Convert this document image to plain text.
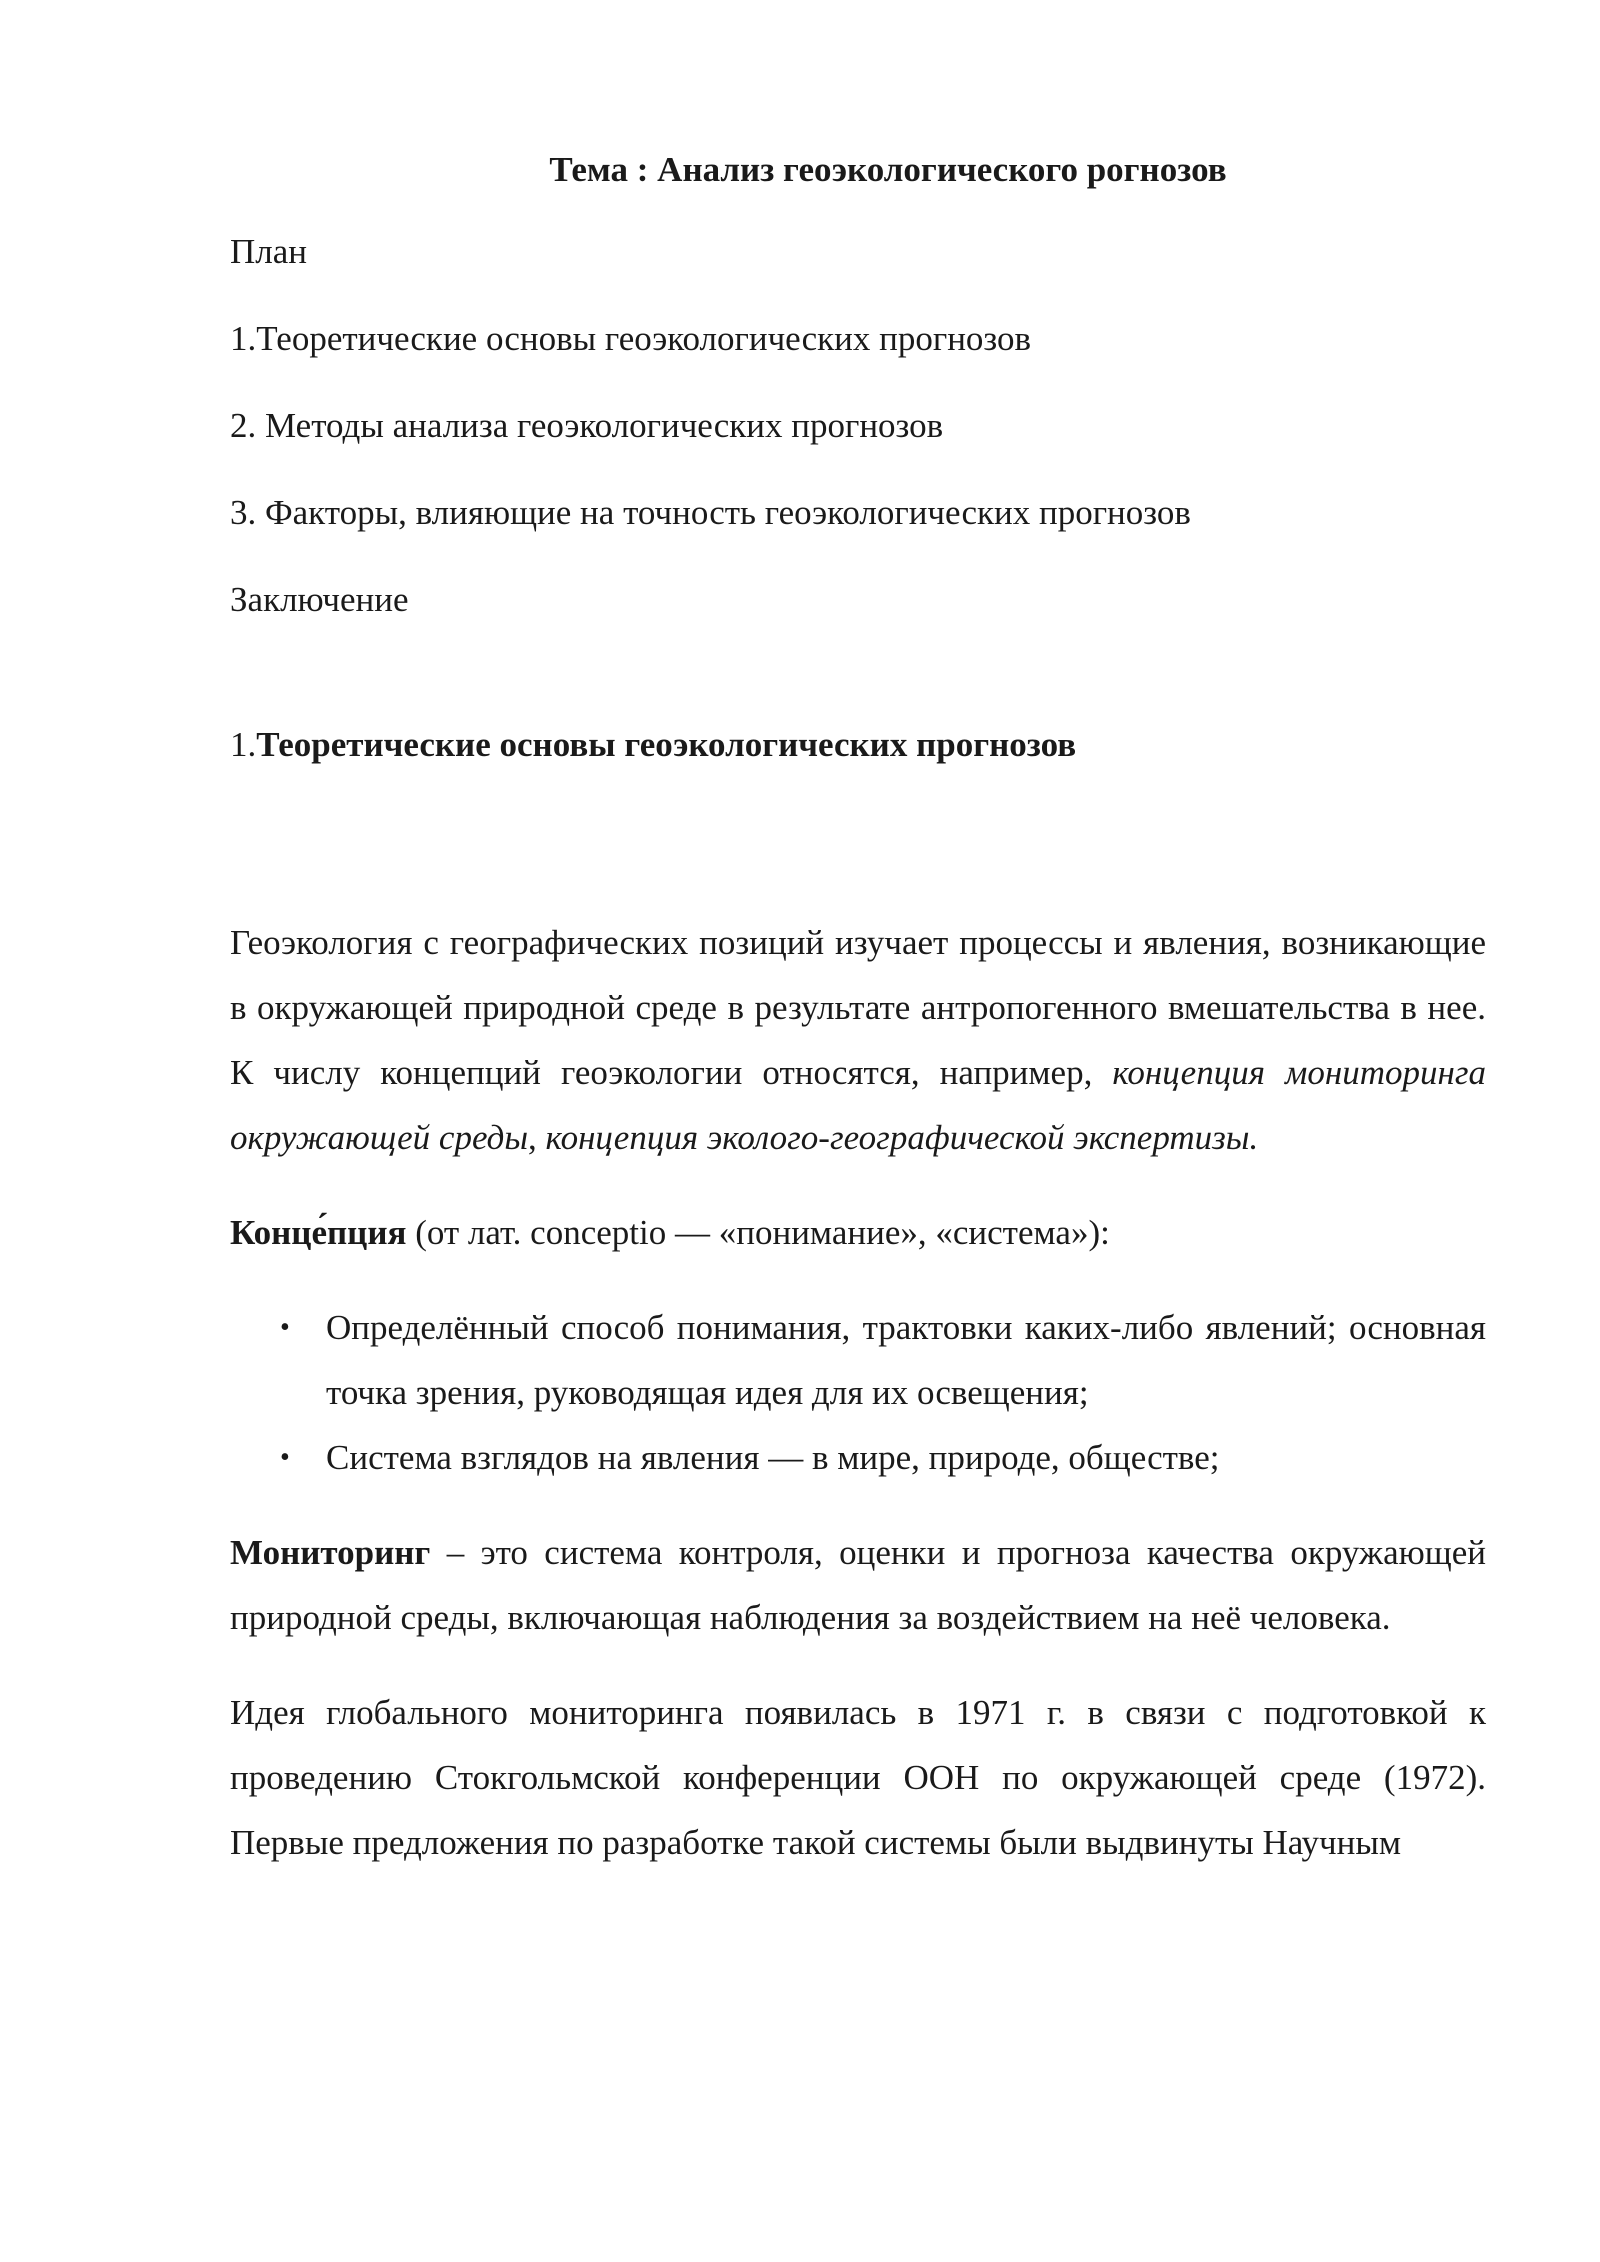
Тема : Анализ геоэкологического рогнозов
План
1.Теоретические основы геоэкологических прогнозов
2. Методы анализа геоэкологических прогнозов
3. Факторы, влияющие на точность геоэкологических прогнозов
Заключение
1.Теоретические основы геоэкологических прогнозов

Геоэкология с географических позиций изучает процессы и явления, возникающие в окружающей природной среде в результате антропогенного вмешательства в нее. К числу концепций геоэкологии относятся, например, концепция мониторинга окружающей среды, концепция эколого-географической экспертизы.

Конце́пция (от лат. conceptio — «понимание», «система»):

• Определённый способ понимания, трактовки каких-либо явлений; основная точка зрения, руководящая идея для их освещения;
• Система взглядов на явления — в мире, природе, обществе;

Мониторинг – это система контроля, оценки и прогноза качества окружающей природной среды, включающая наблюдения за воздействием на неё человека.

Идея глобального мониторинга появилась в 1971 г. в связи с подготовкой к проведению Стокгольмской конференции ООН по окружающей среде (1972). Первые предложения по разработке такой системы были выдвинуты Научным
